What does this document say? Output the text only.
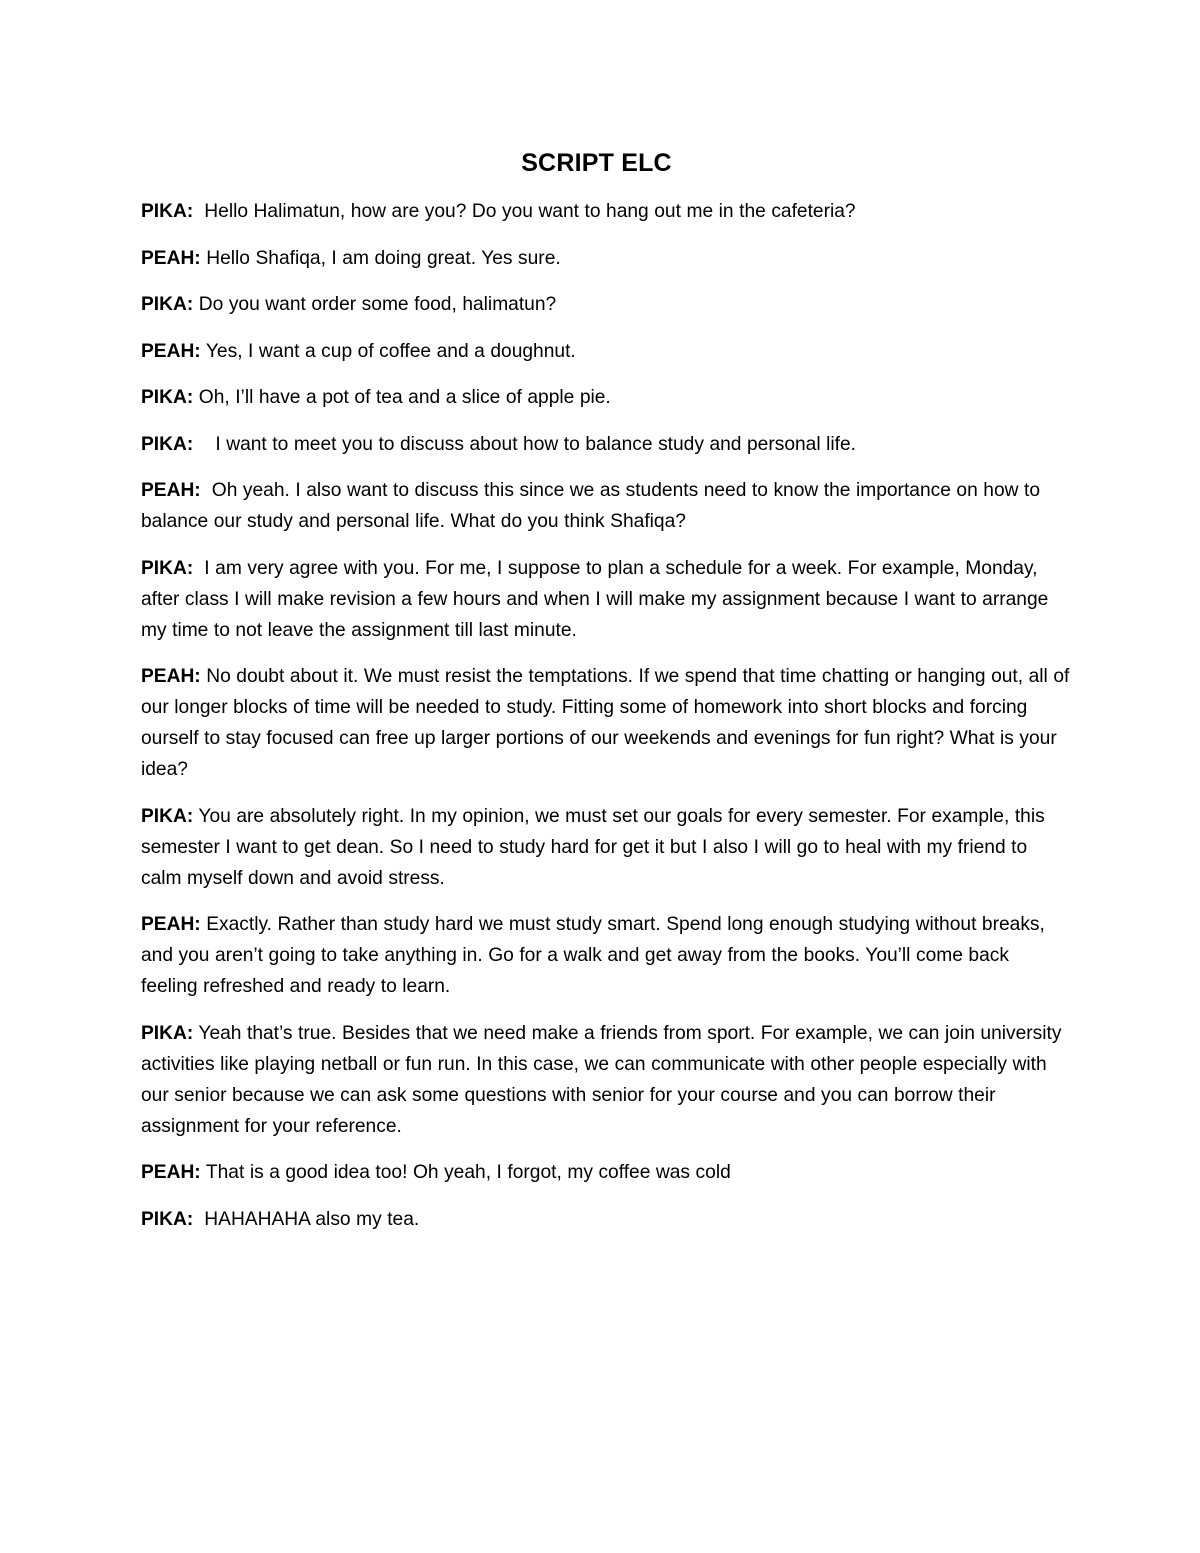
SCRIPT ELC

PIKA: Hello Halimatun, how are you? Do you want to hang out me in the cafeteria?

PEAH: Hello Shafiqa, I am doing great. Yes sure.

PIKA: Do you want order some food, halimatun?

PEAH: Yes, I want a cup of coffee and a doughnut.

PIKA: Oh, I’ll have a pot of tea and a slice of apple pie.

PIKA: I want to meet you to discuss about how to balance study and personal life.

PEAH: Oh yeah. I also want to discuss this since we as students need to know the importance on how to balance our study and personal life. What do you think Shafiqa?

PIKA: I am very agree with you. For me, I suppose to plan a schedule for a week. For example, Monday, after class I will make revision a few hours and when I will make my assignment because I want to arrange my time to not leave the assignment till last minute.

PEAH: No doubt about it. We must resist the temptations. If we spend that time chatting or hanging out, all of our longer blocks of time will be needed to study. Fitting some of homework into short blocks and forcing ourself to stay focused can free up larger portions of our weekends and evenings for fun right? What is your idea?

PIKA: You are absolutely right. In my opinion, we must set our goals for every semester. For example, this semester I want to get dean. So I need to study hard for get it but I also I will go to heal with my friend to calm myself down and avoid stress.

PEAH: Exactly. Rather than study hard we must study smart. Spend long enough studying without breaks, and you aren’t going to take anything in. Go for a walk and get away from the books. You’ll come back feeling refreshed and ready to learn.

PIKA: Yeah that’s true. Besides that we need make a friends from sport. For example, we can join university activities like playing netball or fun run. In this case, we can communicate with other people especially with our senior because we can ask some questions with senior for your course and you can borrow their assignment for your reference.

PEAH: That is a good idea too! Oh yeah, I forgot, my coffee was cold

PIKA: HAHAHAHA also my tea.
